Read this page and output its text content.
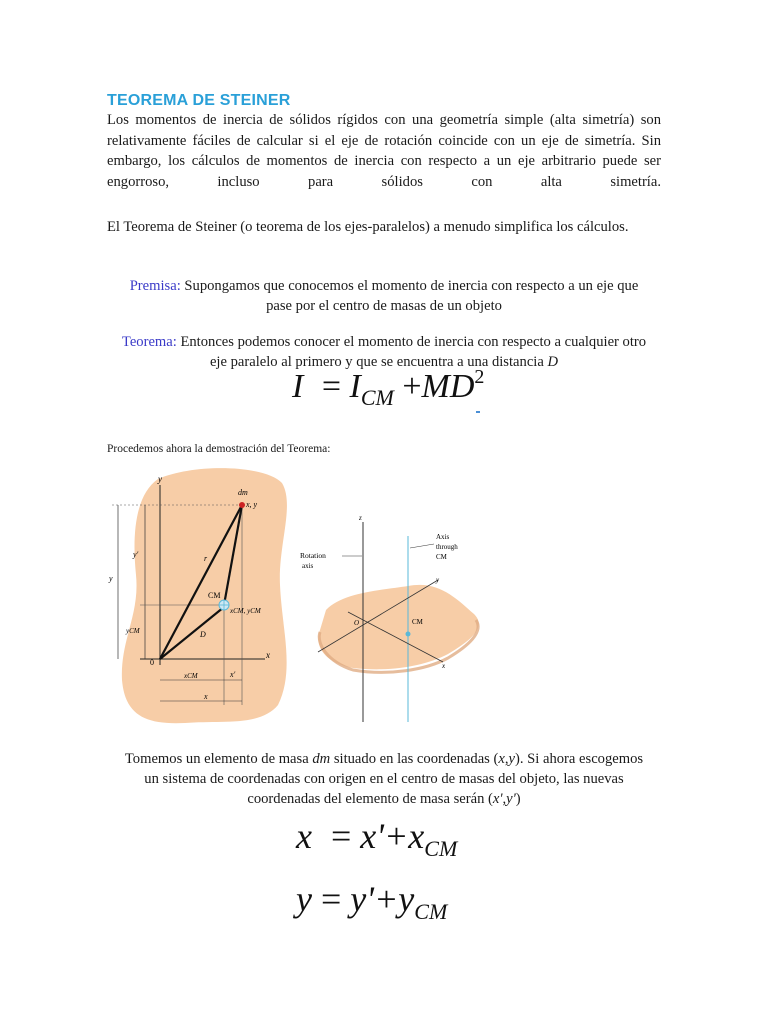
TEOREMA DE STEINER
Los momentos de inercia de sólidos rígidos con una geometría simple (alta simetría) son
relativamente fáciles de calcular si el eje de rotación coincide con un eje de simetría. Sin
embargo, los cálculos de momentos de inercia con respecto a un eje arbitrario puede ser
engorroso, incluso para sólidos con alta simetría.
El Teorema de Steiner (o teorema de los ejes-paralelos) a menudo simplifica los cálculos.
Premisa: Supongamos que conocemos el momento de inercia con respecto a un eje que
pase por el centro de masas de un objeto
Teorema: Entonces podemos conocer el momento de inercia con respecto a cualquier otro
eje paralelo al primero y que se encuentra a una distancia D
$I = I_{CM} +MD^2$
Procedemos ahora la demostración del Teorema:
y
x
0
dm
x, y
r
CM
D
y′
y
yCM
xCM, yCM
xCM	x′
x
z
Rotation
axis
Axis
through
CM
CM
O
y
x
Tomemos un elemento de masa dm situado en las coordenadas (x,y). Si ahora escogemos
un sistema de coordenadas con origen en el centro de masas del objeto, las nuevas
coordenadas del elemento de masa serán (x',y')
$x = x'+x_{CM}$
$y = y'+y_{CM}$
